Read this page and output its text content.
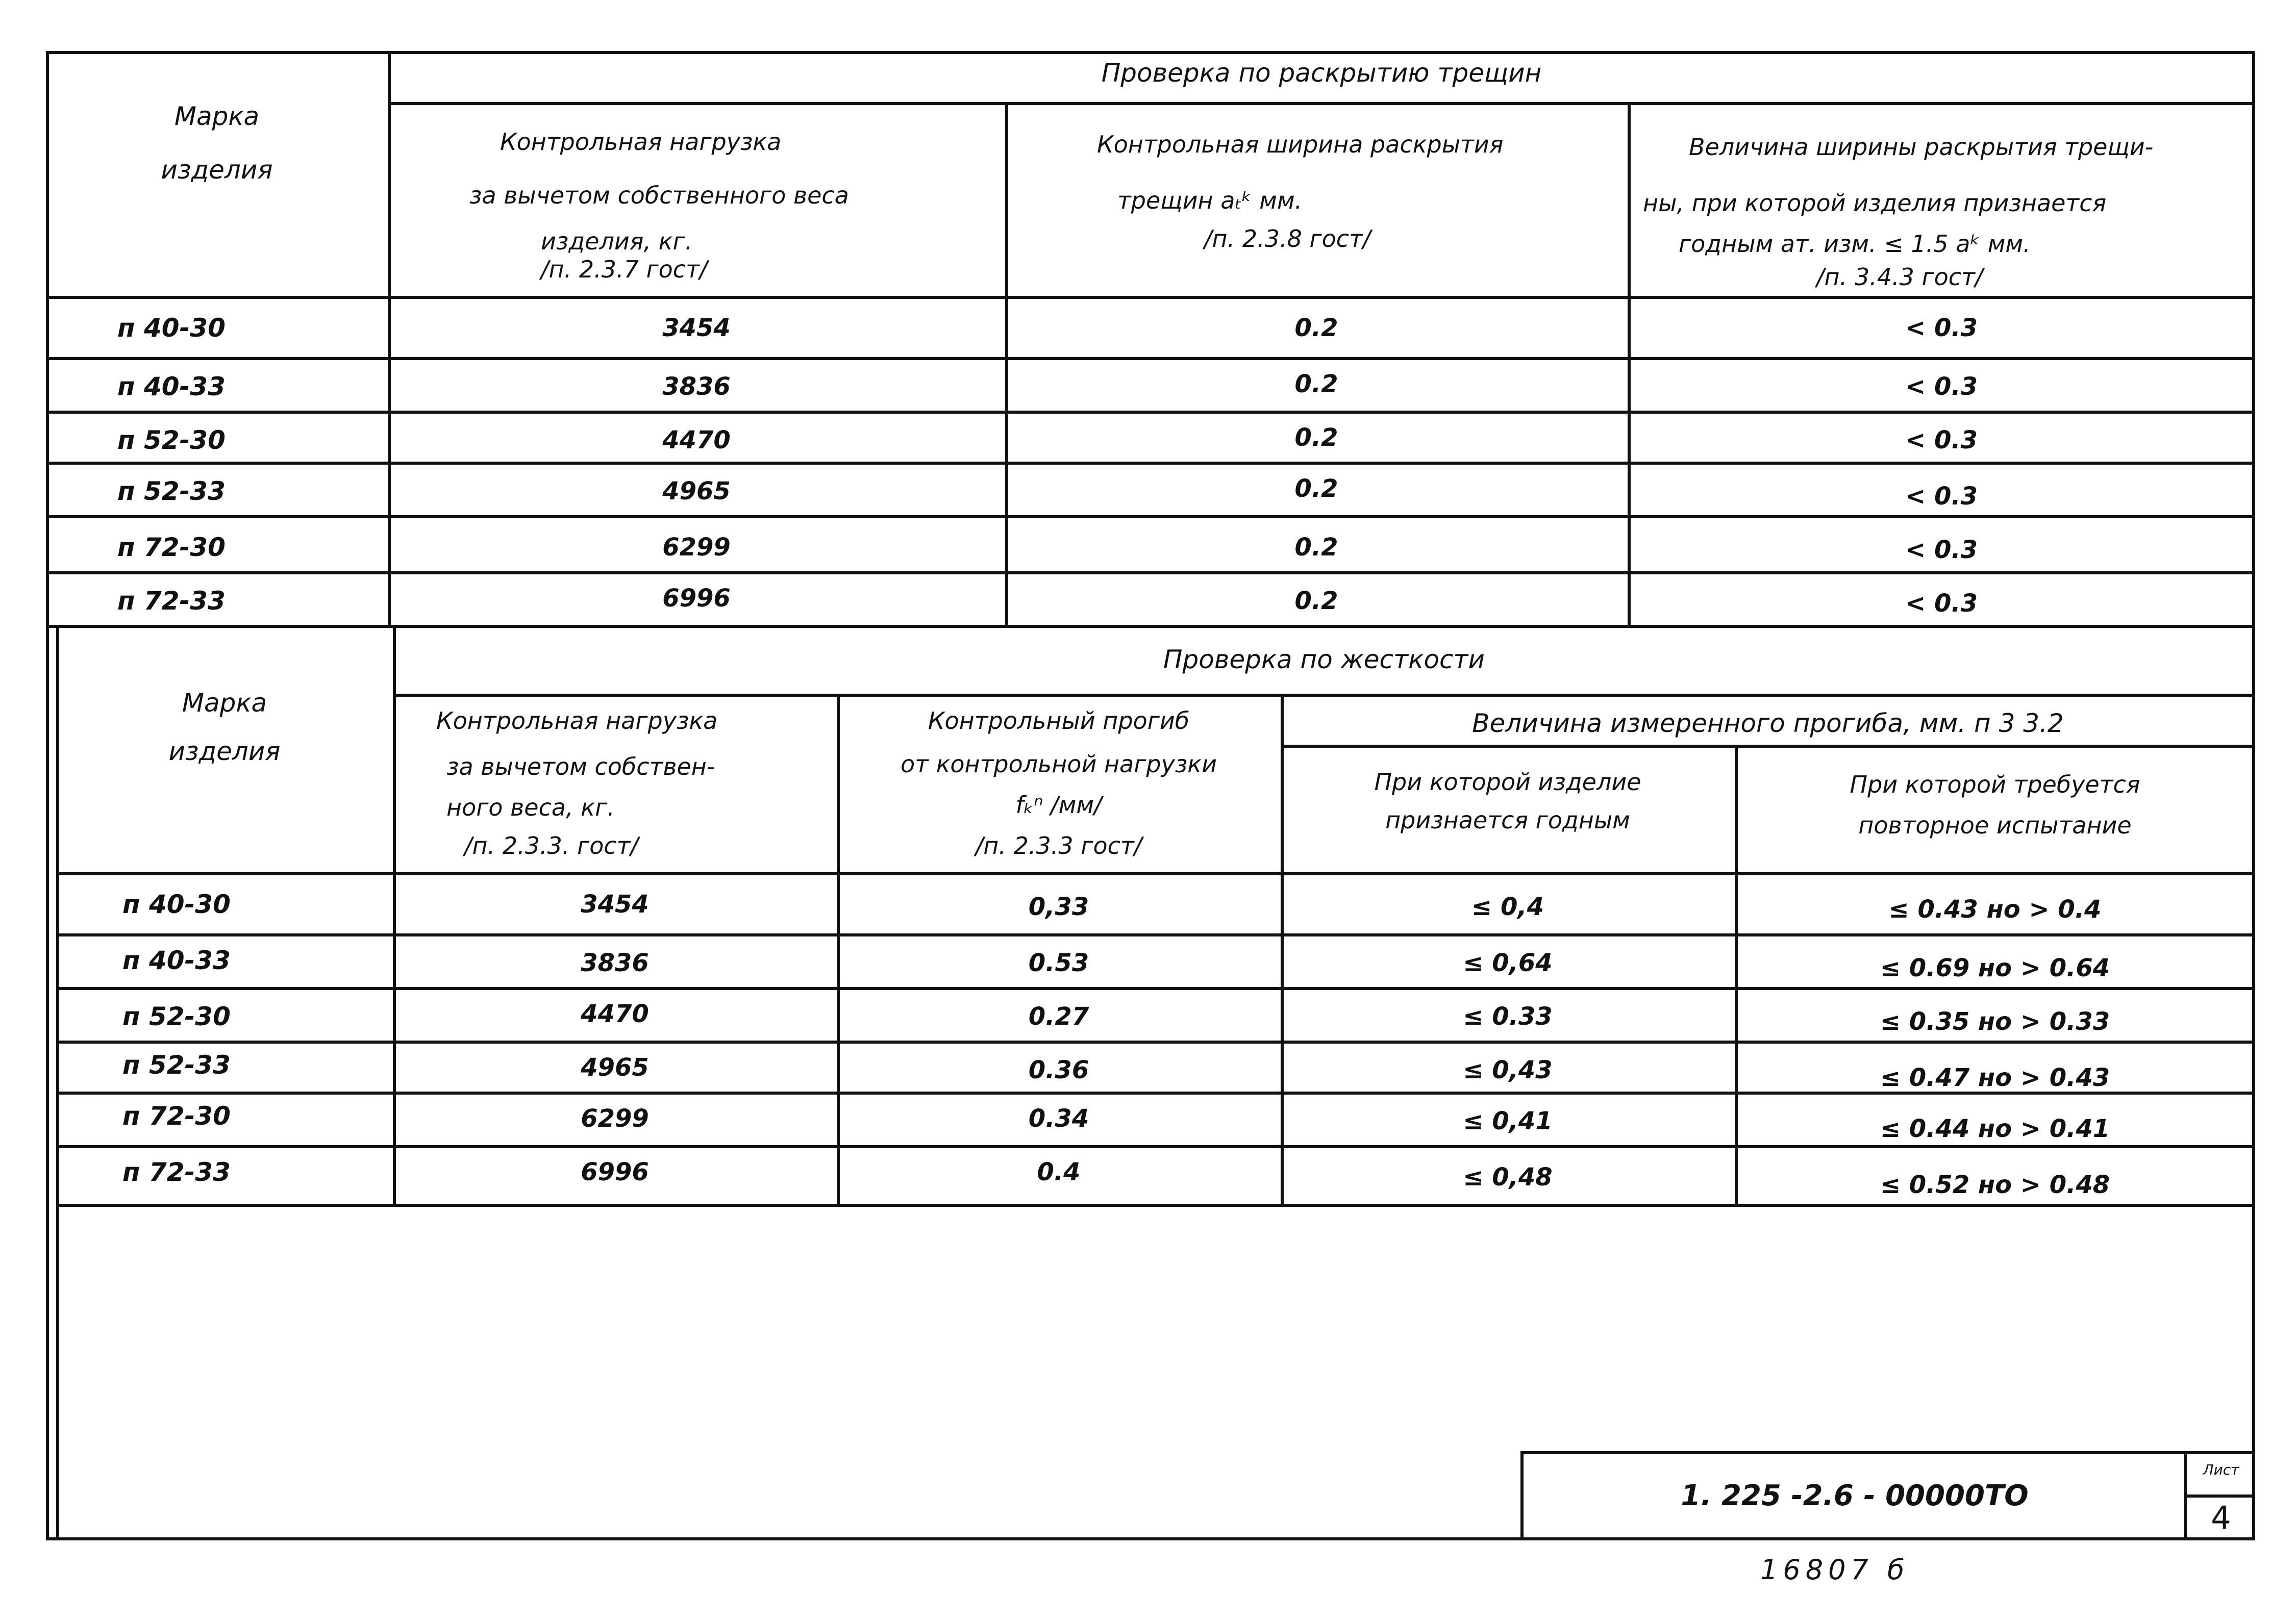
Проверка по раскрытию трещин
Марка
изделия
Контрольная нагрузка
за вычетом собственного веса
изделия, кг.
/п. 2.3.7 гост/
Контрольная ширина раскрытия
трещин aₜᵏ мм.
/п. 2.3.8 гост/
Величина ширины раскрытия трещи-
ны, при которой изделия признается
годным aт. изм. ≤ 1.5 aᵏ мм.
/п. 3.4.3 гост/
п 40-30	3454	0.2	< 0.3
п 40-33	3836	0.2	< 0.3
п 52-30	4470	0.2	< 0.3
п 52-33	4965	0.2	< 0.3
п 72-30	6299	0.2	< 0.3
п 72-33	6996	0.2	< 0.3
Проверка по жесткости
Марка
изделия
Контрольная нагрузка
за вычетом собствен-
ного веса, кг.
/п. 2.3.3. гост/
Контрольный прогиб
от контрольной нагрузки
fₖⁿ /мм/
/п. 2.3.3 гост/
Величина измеренного прогиба, мм. п 3 3.2
При которой изделие
признается годным
При которой требуется
повторное испытание
п 40-30	3454	0,33	≤ 0,4	≤ 0.43 но > 0.4
п 40-33	3836	0.53	≤ 0,64	≤ 0.69 но > 0.64
п 52-30	4470	0.27	≤ 0.33	≤ 0.35 но > 0.33
п 52-33	4965	0.36	≤ 0,43	≤ 0.47 но > 0.43
п 72-30	6299	0.34	≤ 0,41	≤ 0.44 но > 0.41
п 72-33	6996	0.4	≤ 0,48	≤ 0.52 но > 0.48
1. 225 -2.6 - 00000ТО
Лист
4
16807 б
